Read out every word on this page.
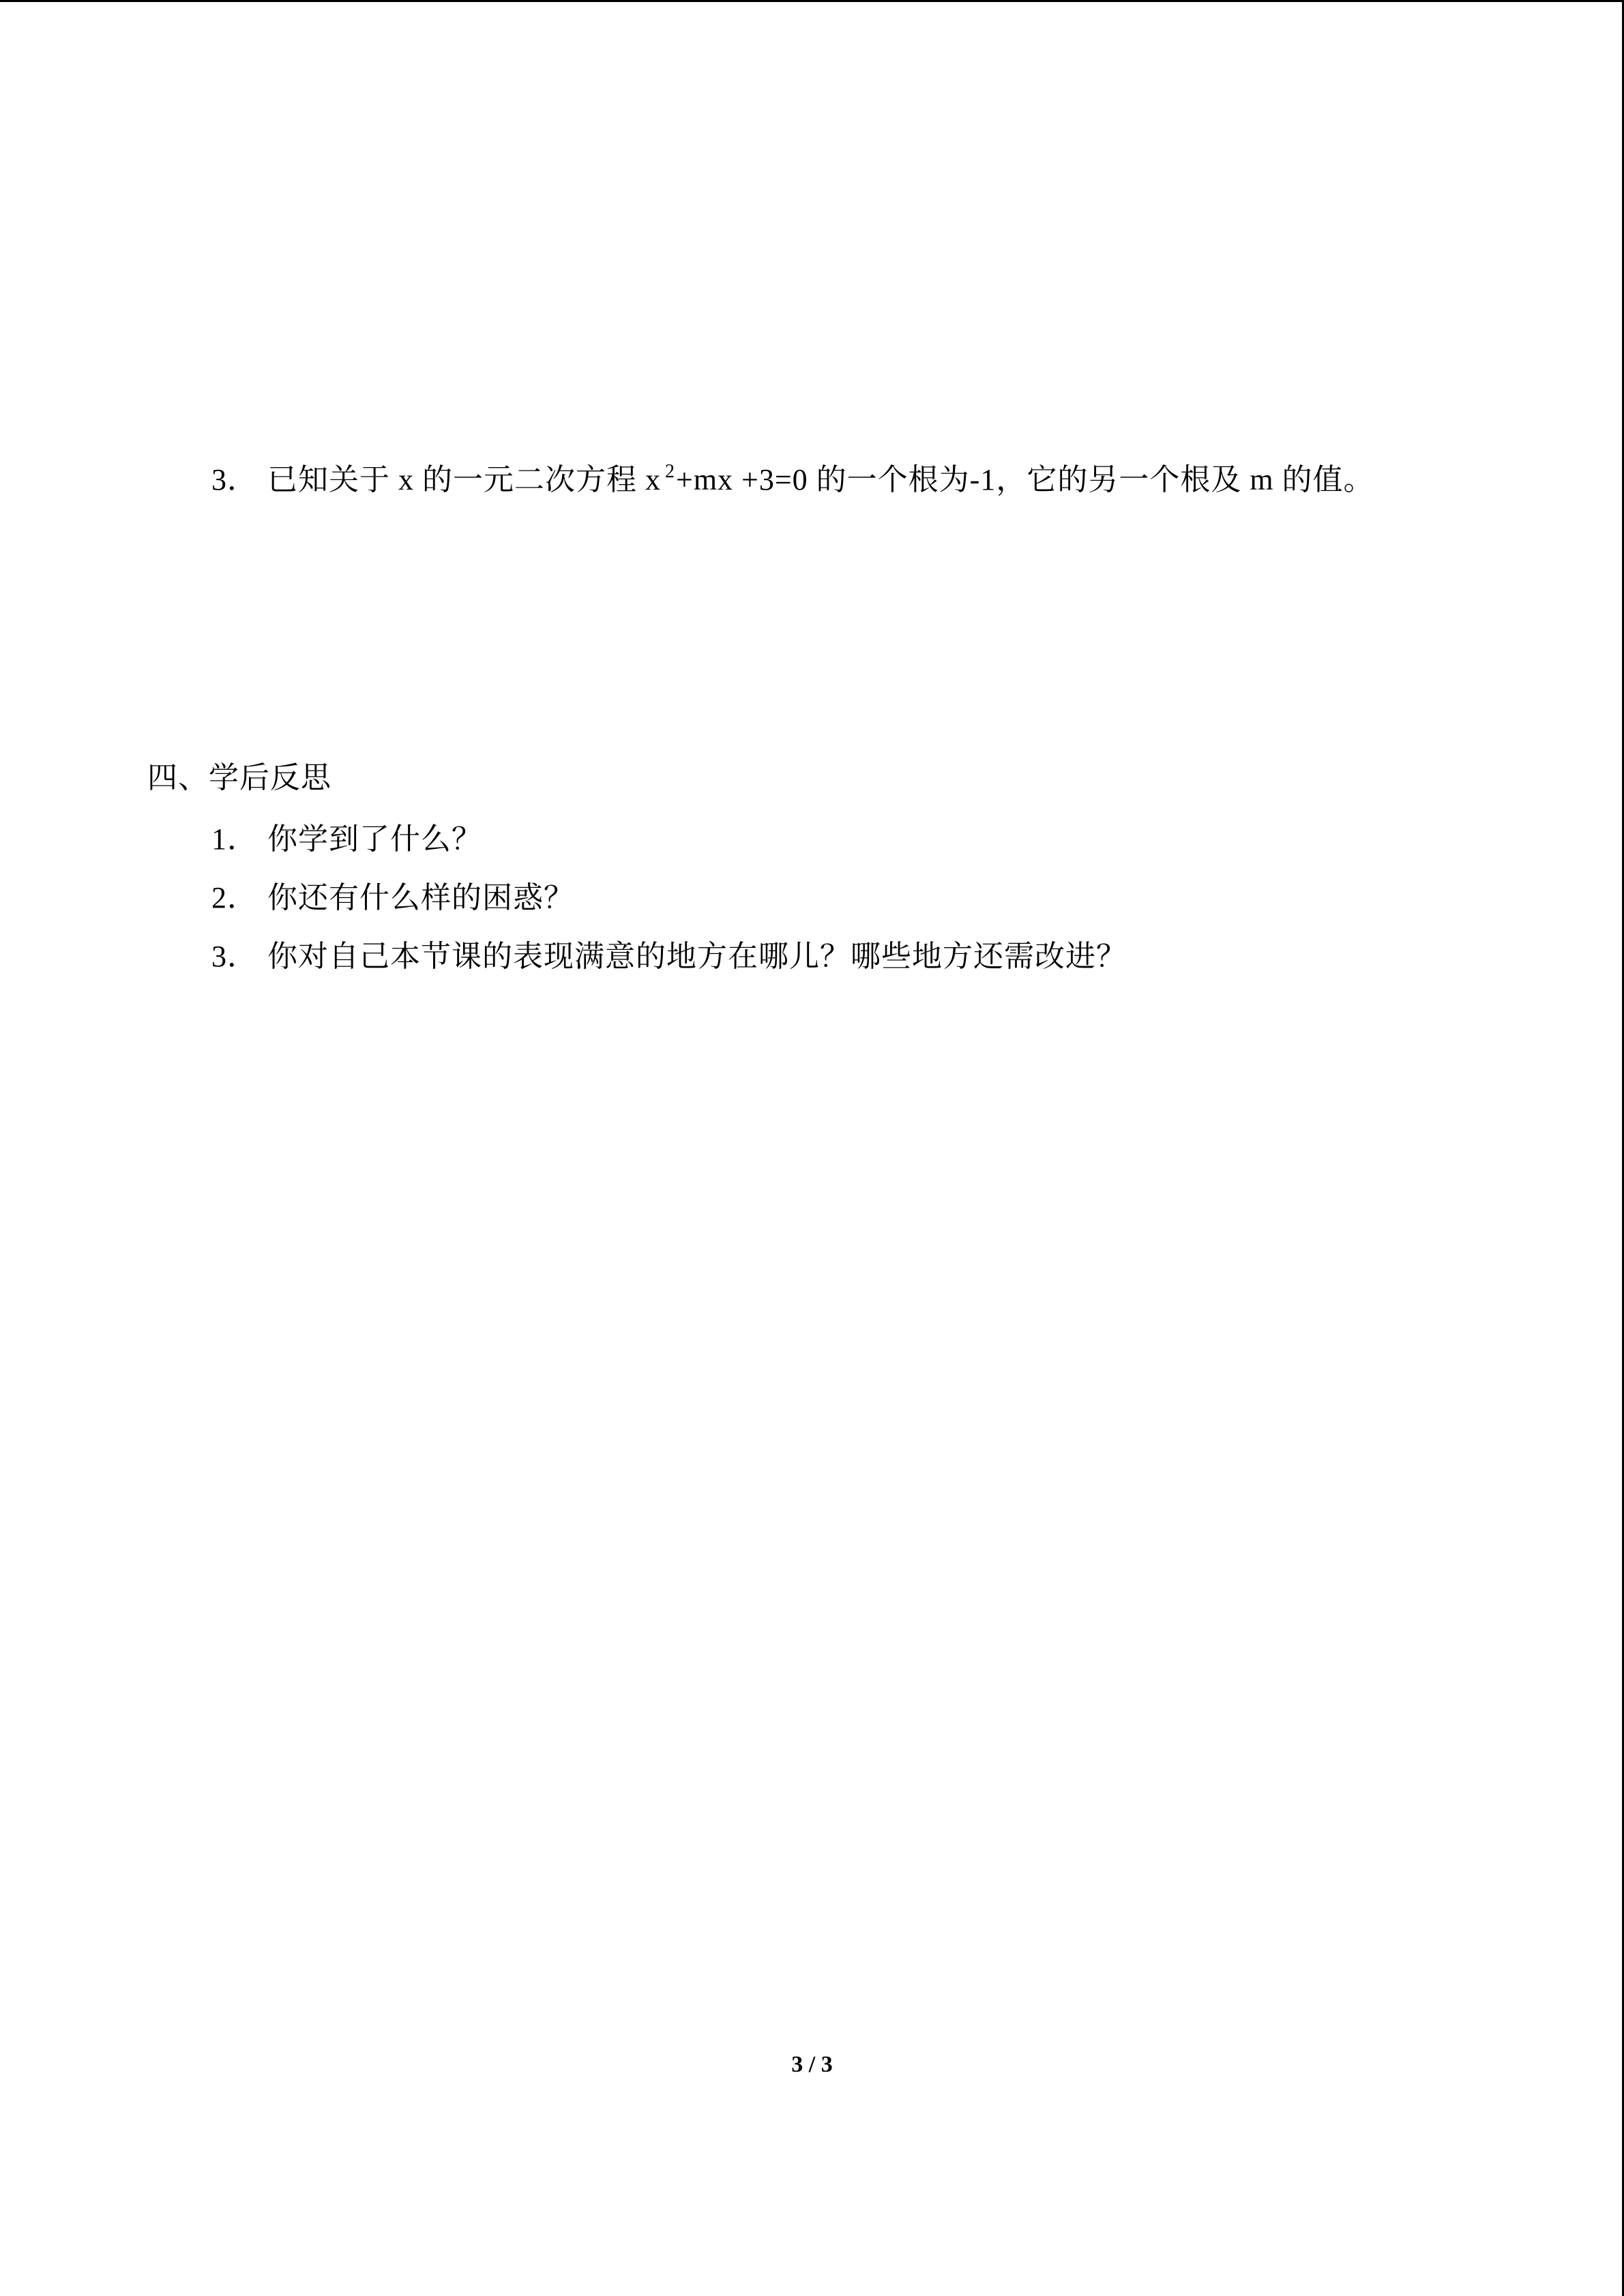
3． 已知关于 x 的一元二次方程 x $^2$+mx +3=0 的一个根为-1，它的另一个根及 m 的值。
四、学后反思
1． 你学到了什么？
2． 你还有什么样的困惑？
3． 你对自己本节课的表现满意的地方在哪儿？哪些地方还需改进？
3 / 3
